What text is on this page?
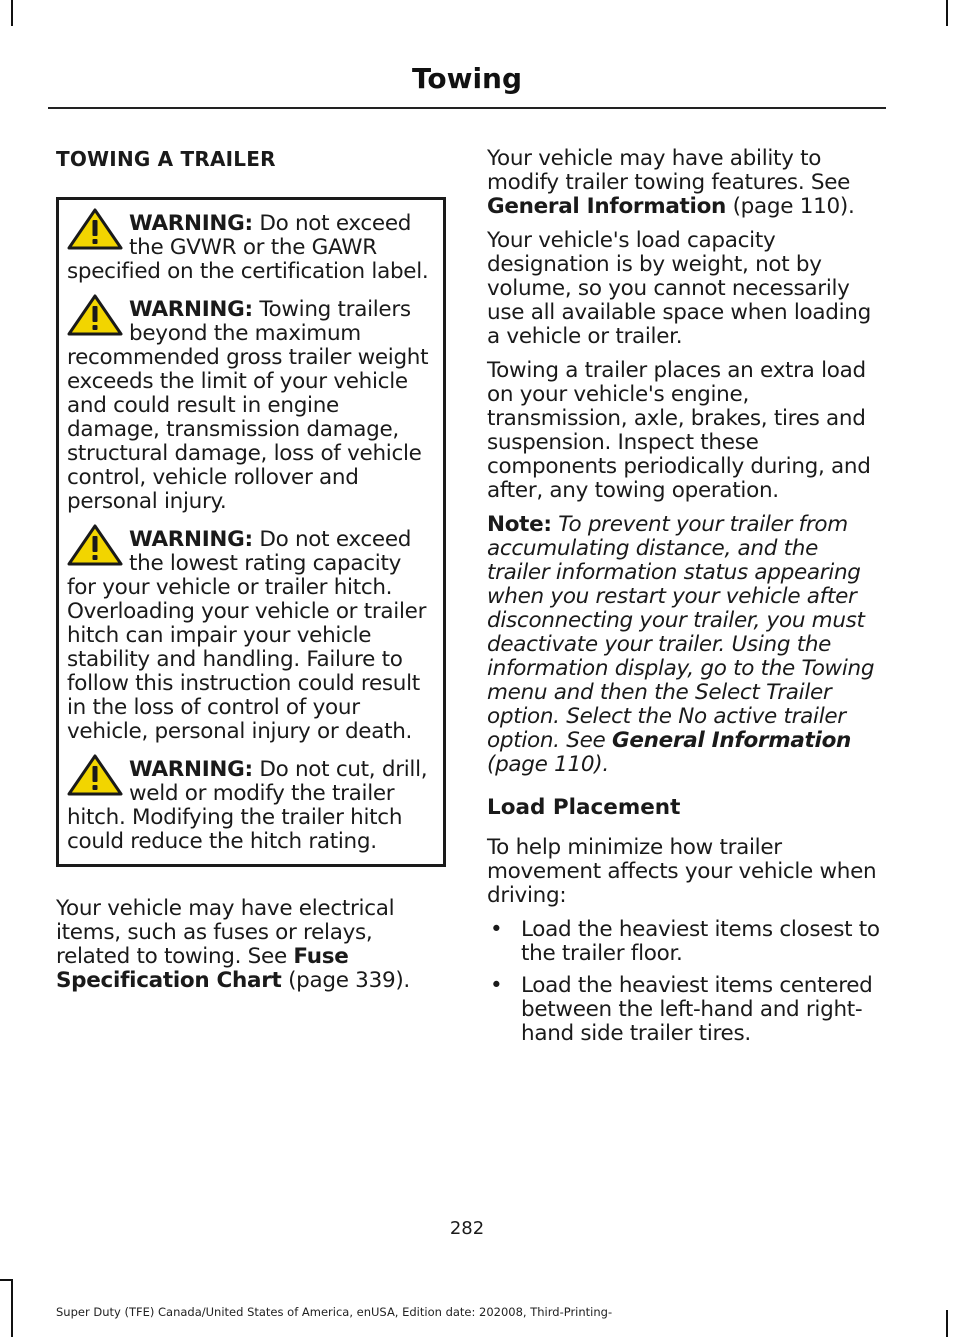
Towing
TOWING A TRAILER
WARNING: Do not exceed the GVWR or the GAWR specified on the certification label.
WARNING: Towing trailers beyond the maximum recommended gross trailer weight exceeds the limit of your vehicle and could result in engine damage, transmission damage, structural damage, loss of vehicle control, vehicle rollover and personal injury.
WARNING: Do not exceed the lowest rating capacity for your vehicle or trailer hitch. Overloading your vehicle or trailer hitch can impair your vehicle stability and handling. Failure to follow this instruction could result in the loss of control of your vehicle, personal injury or death.
WARNING: Do not cut, drill, weld or modify the trailer hitch. Modifying the trailer hitch could reduce the hitch rating.

Your vehicle may have electrical items, such as fuses or relays, related to towing. See Fuse Specification Chart (page 339).

Your vehicle may have ability to modify trailer towing features. See General Information (page 110).

Your vehicle's load capacity designation is by weight, not by volume, so you cannot necessarily use all available space when loading a vehicle or trailer.

Towing a trailer places an extra load on your vehicle's engine, transmission, axle, brakes, tires and suspension. Inspect these components periodically during, and after, any towing operation.

Note: To prevent your trailer from accumulating distance, and the trailer information status appearing when you restart your vehicle after disconnecting your trailer, you must deactivate your trailer. Using the information display, go to the Towing menu and then the Select Trailer option. Select the No active trailer option. See General Information (page 110).

Load Placement

To help minimize how trailer movement affects your vehicle when driving:

• Load the heaviest items closest to the trailer floor.
• Load the heaviest items centered between the left-hand and right-hand side trailer tires.
282
Super Duty (TFE) Canada/United States of America, enUSA, Edition date: 202008, Third-Printing-
